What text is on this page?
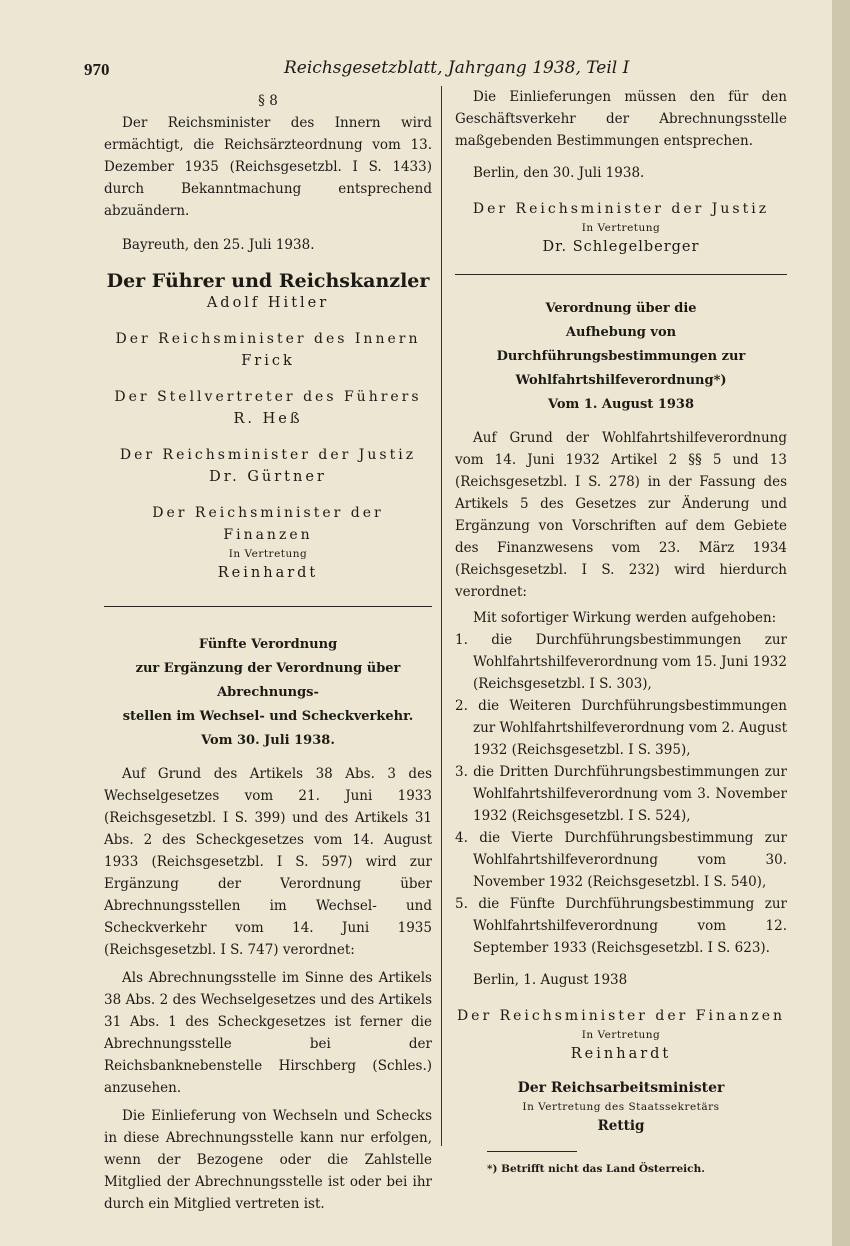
970	Reichsgesetzblatt, Jahrgang 1938, Teil I

§ 8

Der Reichsminister des Innern wird ermächtigt, die Reichsärzteordnung vom 13. Dezember 1935 (Reichsgesetzbl. I S. 1433) durch Bekanntmachung entsprechend abzuändern.

Bayreuth, den 25. Juli 1938.

Der Führer und Reichskanzler

Adolf Hitler

Der Reichsminister des Innern

Frick

Der Stellvertreter des Führers

R. Heß

Der Reichsminister der Justiz

Dr. Gürtner

Der Reichsminister der Finanzen

In Vertretung

Reinhardt

Fünfte Verordnung

zur Ergänzung der Verordnung über Abrechnungs-

stellen im Wechsel- und Scheckverkehr.

Vom 30. Juli 1938.

Auf Grund des Artikels 38 Abs. 3 des Wechselgesetzes vom 21. Juni 1933 (Reichsgesetzbl. I S. 399) und des Artikels 31 Abs. 2 des Scheckgesetzes vom 14. August 1933 (Reichsgesetzbl. I S. 597) wird zur Ergänzung der Verordnung über Abrechnungsstellen im Wechsel- und Scheckverkehr vom 14. Juni 1935 (Reichsgesetzbl. I S. 747) verordnet:

Als Abrechnungsstelle im Sinne des Artikels 38 Abs. 2 des Wechselgesetzes und des Artikels 31 Abs. 1 des Scheckgesetzes ist ferner die Abrechnungsstelle bei der Reichsbanknebenstelle Hirschberg (Schles.) anzusehen.

Die Einlieferung von Wechseln und Schecks in diese Abrechnungsstelle kann nur erfolgen, wenn der Bezogene oder die Zahlstelle Mitglied der Abrechnungsstelle ist oder bei ihr durch ein Mitglied vertreten ist.

Die Einlieferungen müssen den für den Geschäftsverkehr der Abrechnungsstelle maßgebenden Bestimmungen entsprechen.

Berlin, den 30. Juli 1938.

Der Reichsminister der Justiz

In Vertretung

Dr. Schlegelberger

Verordnung über die

Aufhebung von Durchführungsbestimmungen zur

Wohlfahrtshilfeverordnung*)

Vom 1. August 1938

Auf Grund der Wohlfahrtshilfeverordnung vom 14. Juni 1932 Artikel 2 §§ 5 und 13 (Reichsgesetzbl. I S. 278) in der Fassung des Artikels 5 des Gesetzes zur Änderung und Ergänzung von Vorschriften auf dem Gebiete des Finanzwesens vom 23. März 1934 (Reichsgesetzbl. I S. 232) wird hierdurch verordnet:

Mit sofortiger Wirkung werden aufgehoben:

1. die Durchführungsbestimmungen zur Wohlfahrtshilfeverordnung vom 15. Juni 1932 (Reichsgesetzbl. I S. 303),

2. die Weiteren Durchführungsbestimmungen zur Wohlfahrtshilfeverordnung vom 2. August 1932 (Reichsgesetzbl. I S. 395),

3. die Dritten Durchführungsbestimmungen zur Wohlfahrtshilfeverordnung vom 3. November 1932 (Reichsgesetzbl. I S. 524),

4. die Vierte Durchführungsbestimmung zur Wohlfahrtshilfeverordnung vom 30. November 1932 (Reichsgesetzbl. I S. 540),

5. die Fünfte Durchführungsbestimmung zur Wohlfahrtshilfeverordnung vom 12. September 1933 (Reichsgesetzbl. I S. 623).

Berlin, 1. August 1938

Der Reichsminister der Finanzen

In Vertretung

Reinhardt

Der Reichsarbeitsminister

In Vertretung des Staatssekretärs

Rettig

*) Betrifft nicht das Land Österreich.
